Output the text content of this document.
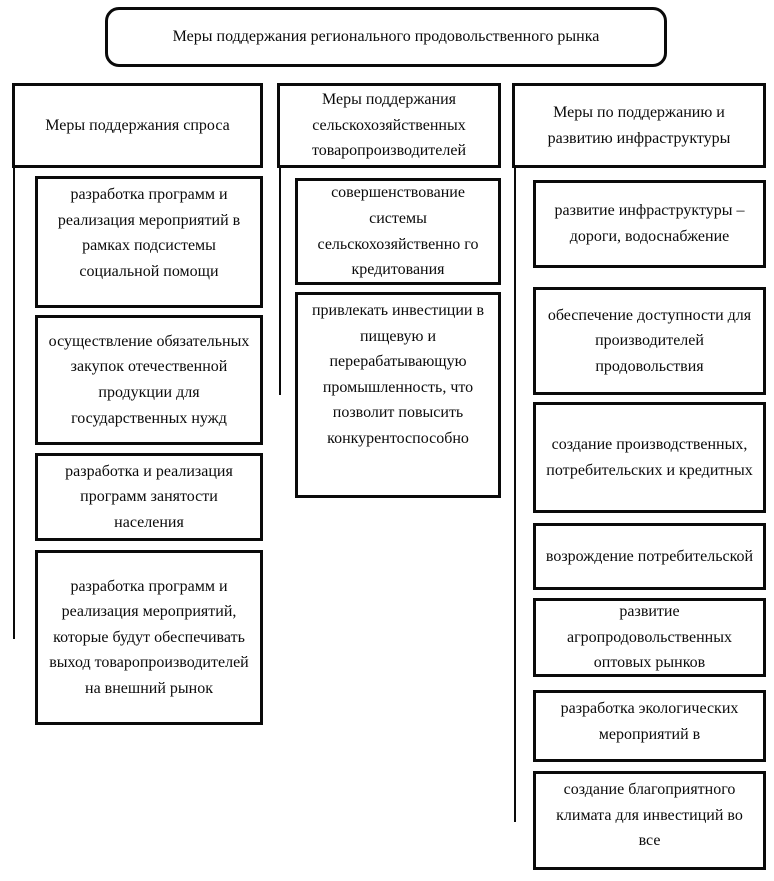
Меры поддержания регионального продовольственного рынка
Меры поддержания спроса
Меры поддержания сельскохозяйственных товаропроизводителей
Меры по поддержанию и развитию инфраструктуры
разработка программ и реализация мероприятий в рамках подсистемы социальной помощи
осуществление обязательных закупок отечественной продукции для государственных нужд
разработка и реализация программ занятости населения
разработка программ и реализация мероприятий, которые будут обеспечивать выход товаропроизводителей на внешний рынок
совершенствование системы сельскохозяйственно го кредитования
привлекать инвестиции в пищевую и перерабатывающую промышленность, что позволит повысить конкурентоспособно
развитие инфраструктуры – дороги, водоснабжение
обеспечение доступности для производителей продовольствия
создание производственных, потребительских и кредитных
возрождение потребительской
развитие агропродовольственных оптовых рынков
разработка экологических мероприятий в
создание благоприятного климата для инвестиций во все
